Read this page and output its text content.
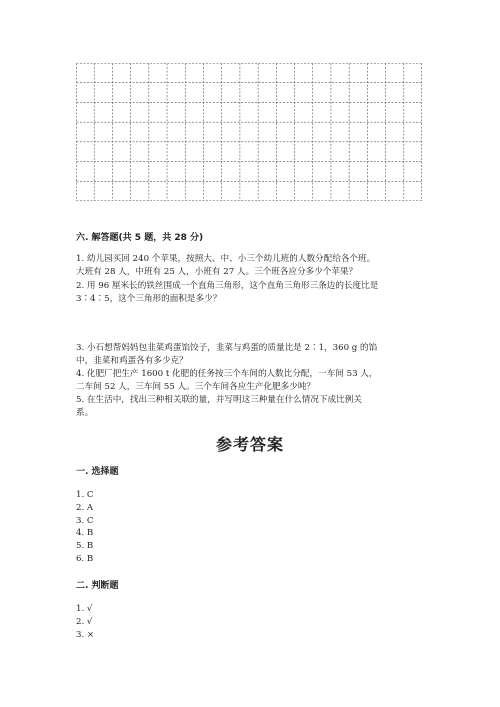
六. 解答题(共 5 题，共 28 分)
1. 幼儿园买回 240 个苹果，按照大、中、小三个幼儿班的人数分配给各个班。
大班有 28 人，中班有 25 人，小班有 27 人。三个班各应分多少个苹果？
2. 用 96 厘米长的铁丝围成一个直角三角形，这个直角三角形三条边的长度比是
3∶4∶5，这个三角形的面积是多少？
3. 小石想帮妈妈包韭菜鸡蛋馅饺子，韭菜与鸡蛋的质量比是 2∶1，360 g 的馅
中，韭菜和鸡蛋各有多少克？
4. 化肥厂把生产 1600 t 化肥的任务按三个车间的人数比分配，一车间 53 人，
二车间 52 人，三车间 55 人。三个车间各应生产化肥多少吨？
5. 在生活中，找出三种相关联的量，并写明这三种量在什么情况下成比例关
系。
参考答案
一. 选择题
1. C
2. A
3. C
4. B
5. B
6. B
二. 判断题
1. √
2. √
3. ×
